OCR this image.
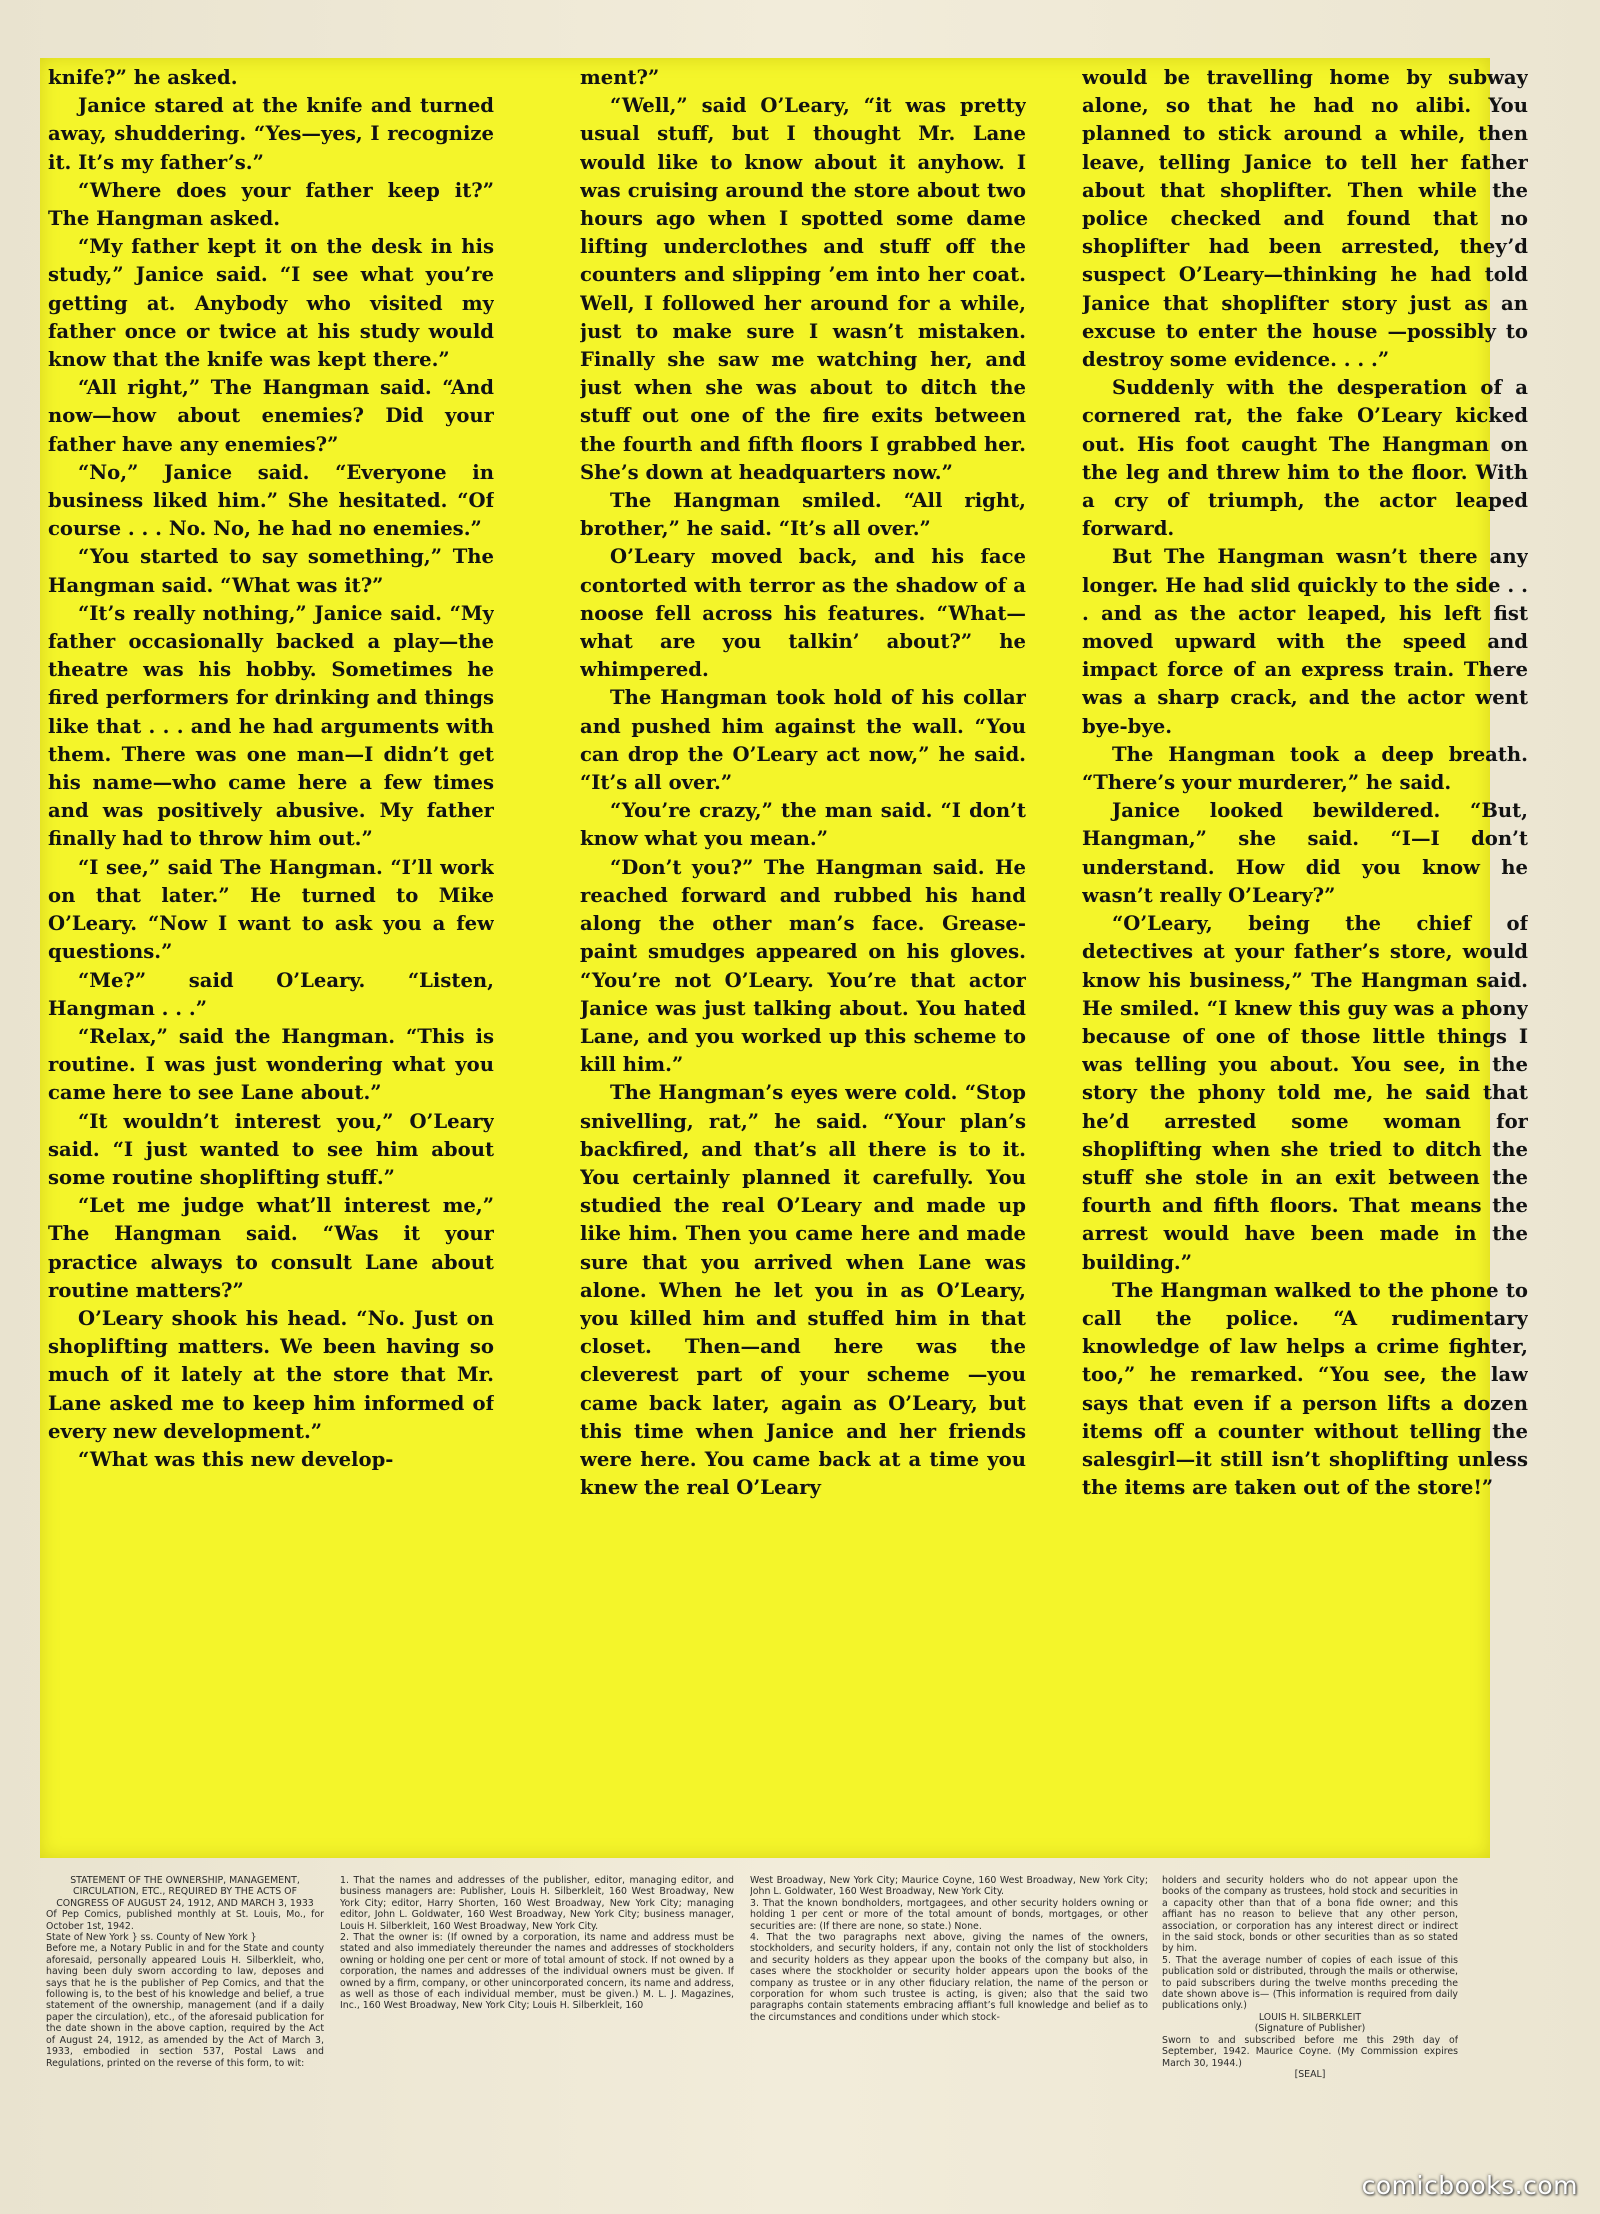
knife?” he asked.

Janice stared at the knife and turned away, shuddering. “Yes—yes, I recognize it. It’s my father’s.”

“Where does your father keep it?” The Hangman asked.

“My father kept it on the desk in his study,” Janice said. “I see what you’re getting at. Anybody who visited my father once or twice at his study would know that the knife was kept there.”

“All right,” The Hangman said. “And now—how about enemies? Did your father have any enemies?”

“No,” Janice said. “Everyone in business liked him.” She hesitated. “Of course . . . No. No, he had no enemies.”

“You started to say something,” The Hangman said. “What was it?”

“It’s really nothing,” Janice said. “My father occasionally backed a play—the theatre was his hobby. Sometimes he fired performers for drinking and things like that . . . and he had arguments with them. There was one man—I didn’t get his name—who came here a few times and was positively abusive. My father finally had to throw him out.”

“I see,” said The Hangman. “I’ll work on that later.” He turned to Mike O’Leary. “Now I want to ask you a few questions.”

“Me?” said O’Leary. “Listen, Hangman . . .”

“Relax,” said the Hangman. “This is routine. I was just wondering what you came here to see Lane about.”

“It wouldn’t interest you,” O’Leary said. “I just wanted to see him about some routine shoplifting stuff.”

“Let me judge what’ll interest me,” The Hangman said. “Was it your practice always to consult Lane about routine matters?”

O’Leary shook his head. “No. Just on shoplifting matters. We been having so much of it lately at the store that Mr. Lane asked me to keep him informed of every new development.”

“What was this new develop-

ment?”

“Well,” said O’Leary, “it was pretty usual stuff, but I thought Mr. Lane would like to know about it anyhow. I was cruising around the store about two hours ago when I spotted some dame lifting underclothes and stuff off the counters and slipping ’em into her coat. Well, I followed her around for a while, just to make sure I wasn’t mistaken. Finally she saw me watching her, and just when she was about to ditch the stuff out one of the fire exits between the fourth and fifth floors I grabbed her. She’s down at headquarters now.”

The Hangman smiled. “All right, brother,” he said. “It’s all over.”

O’Leary moved back, and his face contorted with terror as the shadow of a noose fell across his features. “What—what are you talkin’ about?” he whimpered.

The Hangman took hold of his collar and pushed him against the wall. “You can drop the O’Leary act now,” he said. “It’s all over.”

“You’re crazy,” the man said. “I don’t know what you mean.”

“Don’t you?” The Hangman said. He reached forward and rubbed his hand along the other man’s face. Grease-paint smudges appeared on his gloves. “You’re not O’Leary. You’re that actor Janice was just talking about. You hated Lane, and you worked up this scheme to kill him.”

The Hangman’s eyes were cold. “Stop snivelling, rat,” he said. “Your plan’s backfired, and that’s all there is to it. You certainly planned it carefully. You studied the real O’Leary and made up like him. Then you came here and made sure that you arrived when Lane was alone. When he let you in as O’Leary, you killed him and stuffed him in that closet. Then—and here was the cleverest part of your scheme —you came back later, again as O’Leary, but this time when Janice and her friends were here. You came back at a time you knew the real O’Leary

would be travelling home by subway alone, so that he had no alibi. You planned to stick around a while, then leave, telling Janice to tell her father about that shoplifter. Then while the police checked and found that no shoplifter had been arrested, they’d suspect O’Leary—thinking he had told Janice that shoplifter story just as an excuse to enter the house —possibly to destroy some evidence. . . .”

Suddenly with the desperation of a cornered rat, the fake O’Leary kicked out. His foot caught The Hangman on the leg and threw him to the floor. With a cry of triumph, the actor leaped forward.

But The Hangman wasn’t there any longer. He had slid quickly to the side . . . and as the actor leaped, his left fist moved upward with the speed and impact force of an express train. There was a sharp crack, and the actor went bye-bye.

The Hangman took a deep breath. “There’s your murderer,” he said.

Janice looked bewildered. “But, Hangman,” she said. “I—I don’t understand. How did you know he wasn’t really O’Leary?”

“O’Leary, being the chief of detectives at your father’s store, would know his business,” The Hangman said. He smiled. “I knew this guy was a phony because of one of those little things I was telling you about. You see, in the story the phony told me, he said that he’d arrested some woman for shoplifting when she tried to ditch the stuff she stole in an exit between the fourth and fifth floors. That means the arrest would have been made in the building.”

The Hangman walked to the phone to call the police. “A rudimentary knowledge of law helps a crime fighter, too,” he remarked. “You see, the law says that even if a person lifts a dozen items off a counter without telling the salesgirl—it still isn’t shoplifting unless the items are taken out of the store!”

STATEMENT OF THE OWNERSHIP, MANAGEMENT, CIRCULATION, ETC., REQUIRED BY THE ACTS OF CONGRESS OF AUGUST 24, 1912, AND MARCH 3, 1933

Of Pep Comics, published monthly at St. Louis, Mo., for October 1st, 1942.

State of New York } ss. County of New York }

Before me, a Notary Public in and for the State and county aforesaid, personally appeared Louis H. Silberkleit, who, having been duly sworn according to law, deposes and says that he is the publisher of Pep Comics, and that the following is, to the best of his knowledge and belief, a true statement of the ownership, management (and if a daily paper the circulation), etc., of the aforesaid publication for the date shown in the above caption, required by the Act of August 24, 1912, as amended by the Act of March 3, 1933, embodied in section 537, Postal Laws and Regulations, printed on the reverse of this form, to wit:

1. That the names and addresses of the publisher, editor, managing editor, and business managers are: Publisher, Louis H. Silberkleit, 160 West Broadway, New York City; editor, Harry Shorten, 160 West Broadway, New York City; managing editor, John L. Goldwater, 160 West Broadway, New York City; business manager, Louis H. Silberkleit, 160 West Broadway, New York City.

2. That the owner is: (If owned by a corporation, its name and address must be stated and also immediately thereunder the names and addresses of stockholders owning or holding one per cent or more of total amount of stock. If not owned by a corporation, the names and addresses of the individual owners must be given. If owned by a firm, company, or other unincorporated concern, its name and address, as well as those of each individual member, must be given.) M. L. J. Magazines, Inc., 160 West Broadway, New York City; Louis H. Silberkleit, 160

West Broadway, New York City; Maurice Coyne, 160 West Broadway, New York City; John L. Goldwater, 160 West Broadway, New York City.

3. That the known bondholders, mortgagees, and other security holders owning or holding 1 per cent or more of the total amount of bonds, mortgages, or other securities are: (If there are none, so state.) None.

4. That the two paragraphs next above, giving the names of the owners, stockholders, and security holders, if any, contain not only the list of stockholders and security holders as they appear upon the books of the company but also, in cases where the stockholder or security holder appears upon the books of the company as trustee or in any other fiduciary relation, the name of the person or corporation for whom such trustee is acting, is given; also that the said two paragraphs contain statements embracing affiant’s full knowledge and belief as to the circumstances and conditions under which stock-

holders and security holders who do not appear upon the books of the company as trustees, hold stock and securities in a capacity other than that of a bona fide owner; and this affiant has no reason to believe that any other person, association, or corporation has any interest direct or indirect in the said stock, bonds or other securities than as so stated by him.

5. That the average number of copies of each issue of this publication sold or distributed, through the mails or otherwise, to paid subscribers during the twelve months preceding the date shown above is— (This information is required from daily publications only.)

LOUIS H. SILBERKLEIT

(Signature of Publisher)

Sworn to and subscribed before me this 29th day of September, 1942. Maurice Coyne. (My Commission expires March 30, 1944.)

[SEAL]

comicbooks.com
